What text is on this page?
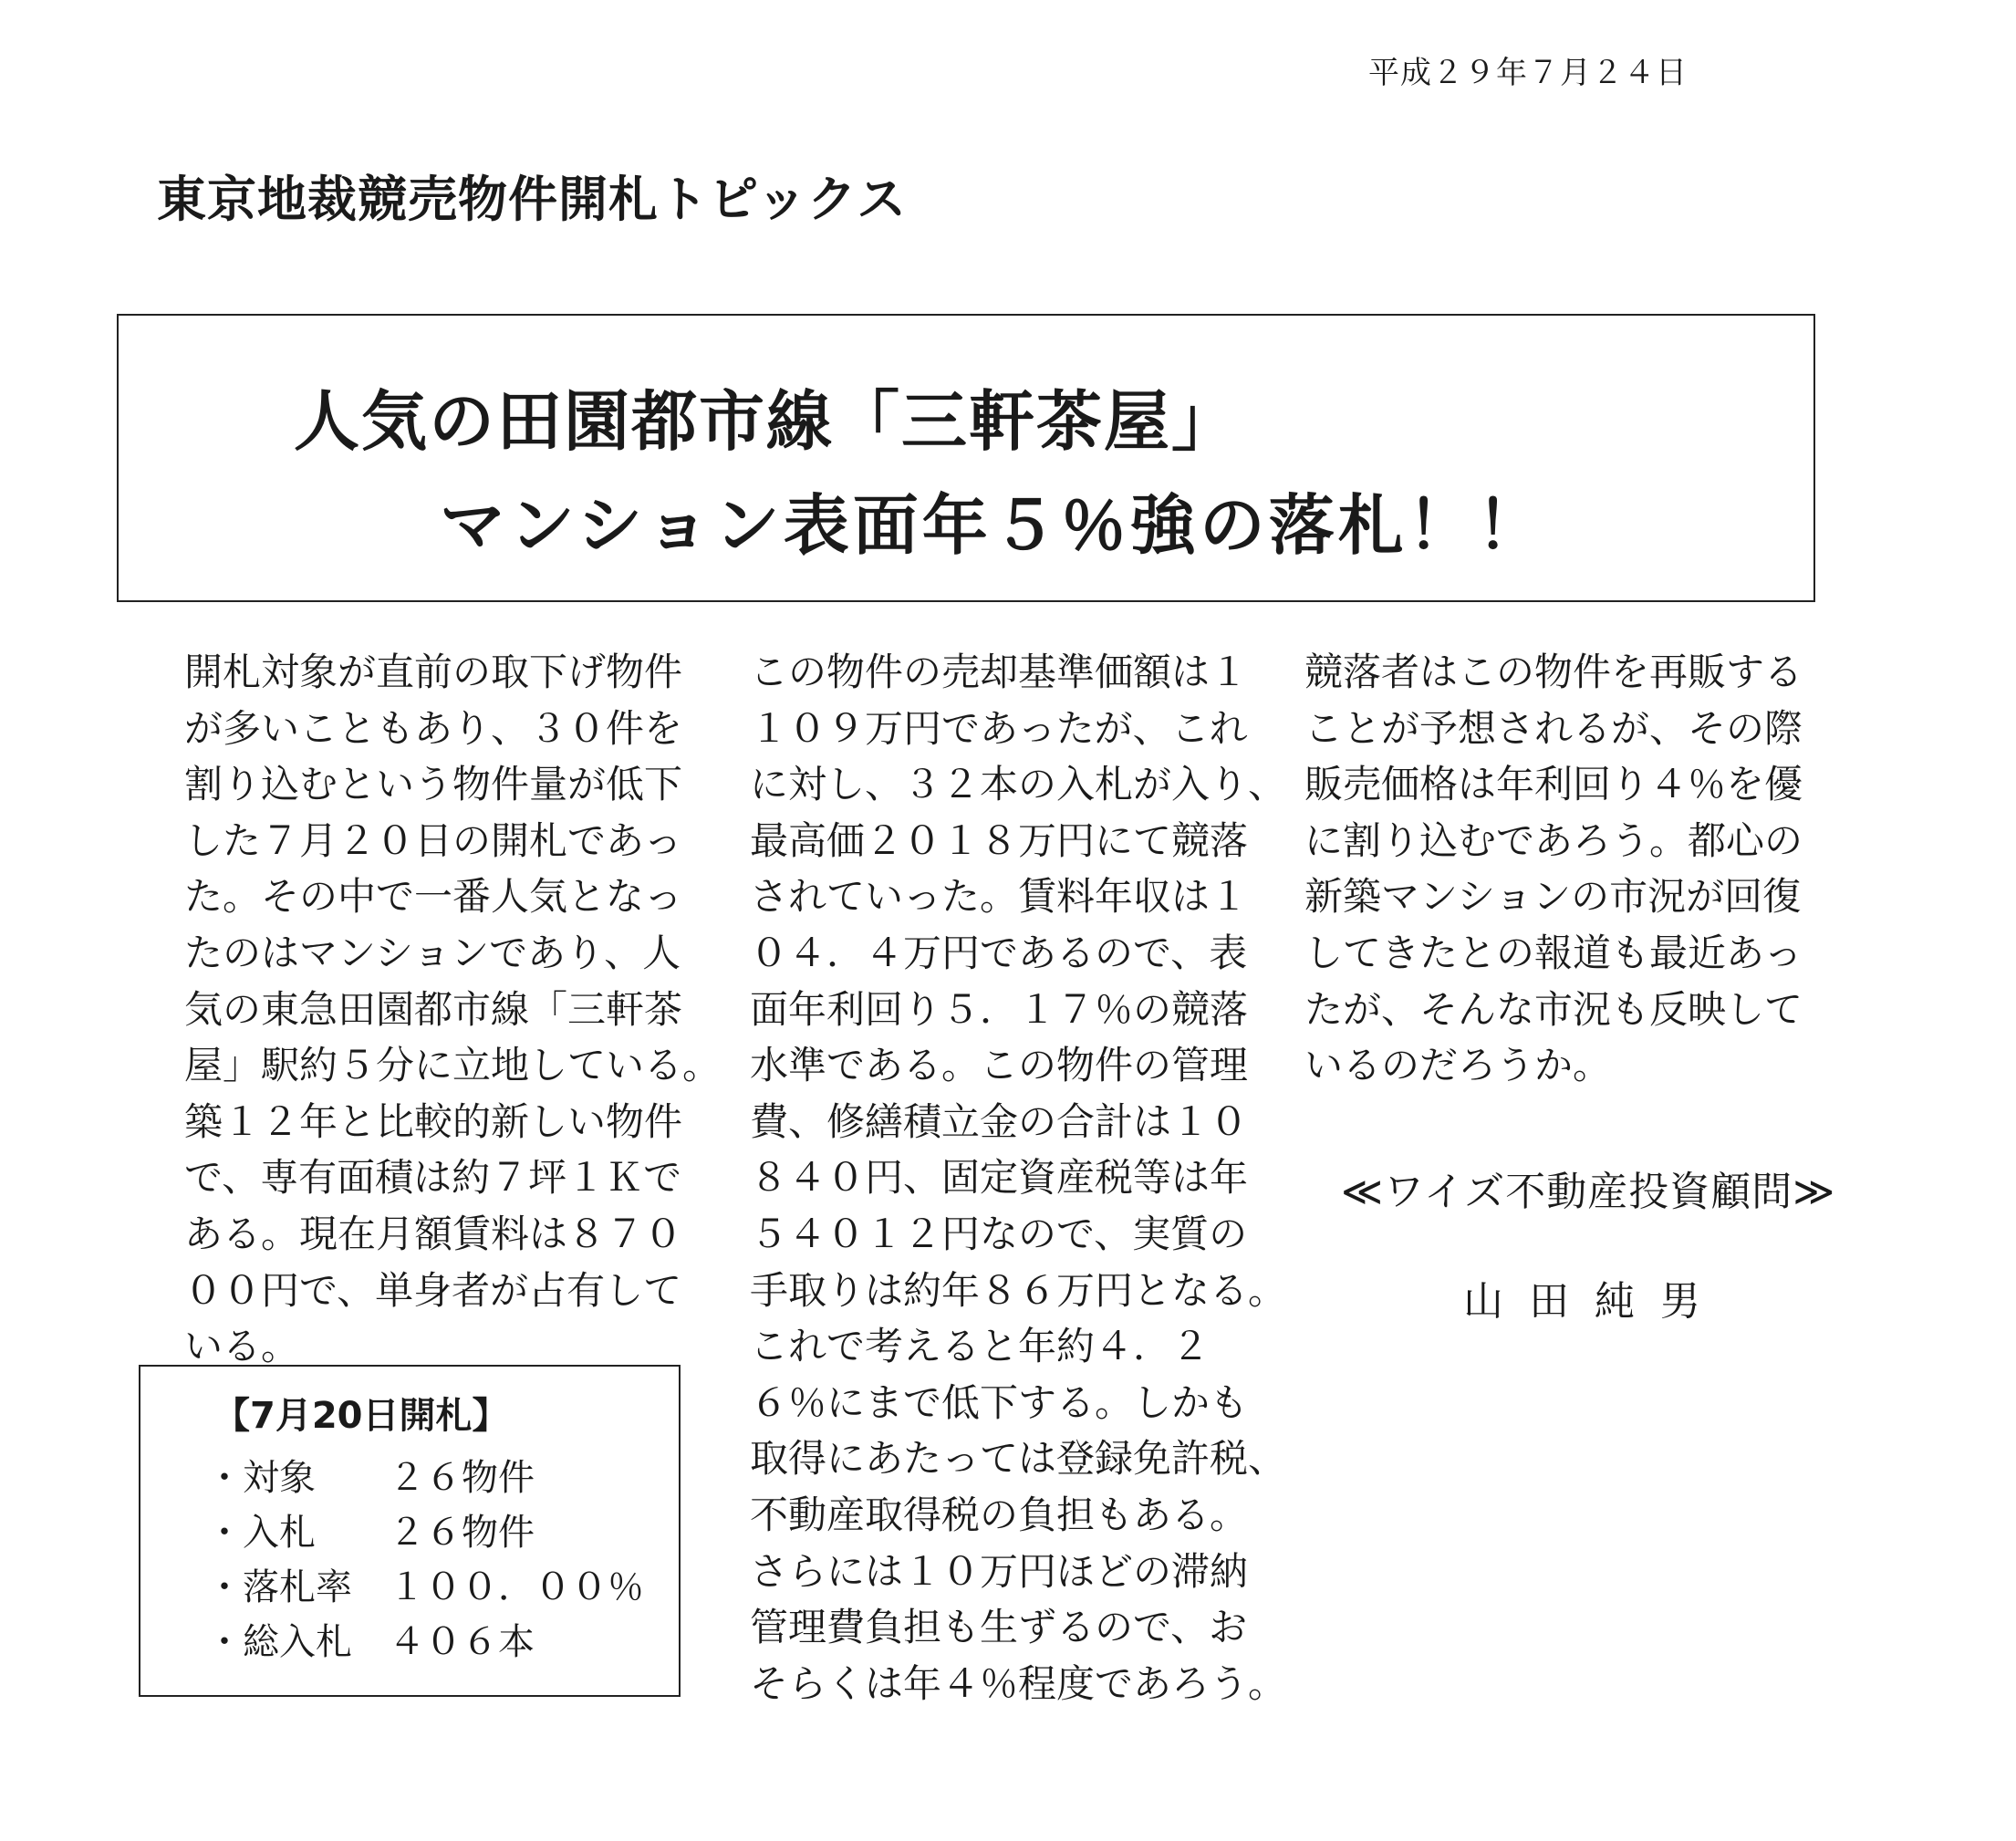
平成２９年７月２４日
東京地裁競売物件開札トピックス
人気の田園都市線「三軒茶屋」
マンション表面年５％強の落札！！
開札対象が直前の取下げ物件
が多いこともあり、３０件を
割り込むという物件量が低下
した７月２０日の開札であっ
た。その中で一番人気となっ
たのはマンションであり、人
気の東急田園都市線「三軒茶
屋」駅約５分に立地している。
築１２年と比較的新しい物件
で、専有面積は約７坪１Ｋで
ある。現在月額賃料は８７０
００円で、単身者が占有して
いる。
この物件の売却基準価額は１
１０９万円であったが、これ
に対し、３２本の入札が入り、
最高価２０１８万円にて競落
されていった。賃料年収は１
０４．４万円であるので、表
面年利回り５．１７％の競落
水準である。この物件の管理
費、修繕積立金の合計は１０
８４０円、固定資産税等は年
５４０１２円なので、実質の
手取りは約年８６万円となる。
これで考えると年約４．２
６％にまで低下する。しかも
取得にあたっては登録免許税、
不動産取得税の負担もある。
さらには１０万円ほどの滞納
管理費負担も生ずるので、お
そらくは年４％程度であろう。
競落者はこの物件を再販する
ことが予想されるが、その際
販売価格は年利回り４％を優
に割り込むであろう。都心の
新築マンションの市況が回復
してきたとの報道も最近あっ
たが、そんな市況も反映して
いるのだろうか。
【7月20日開札】
・対象 ２６物件
・入札 ２６物件
・落札率 １００．００％
・総入札 ４０６本
≪ワイズ不動産投資顧問≫
山田純男
